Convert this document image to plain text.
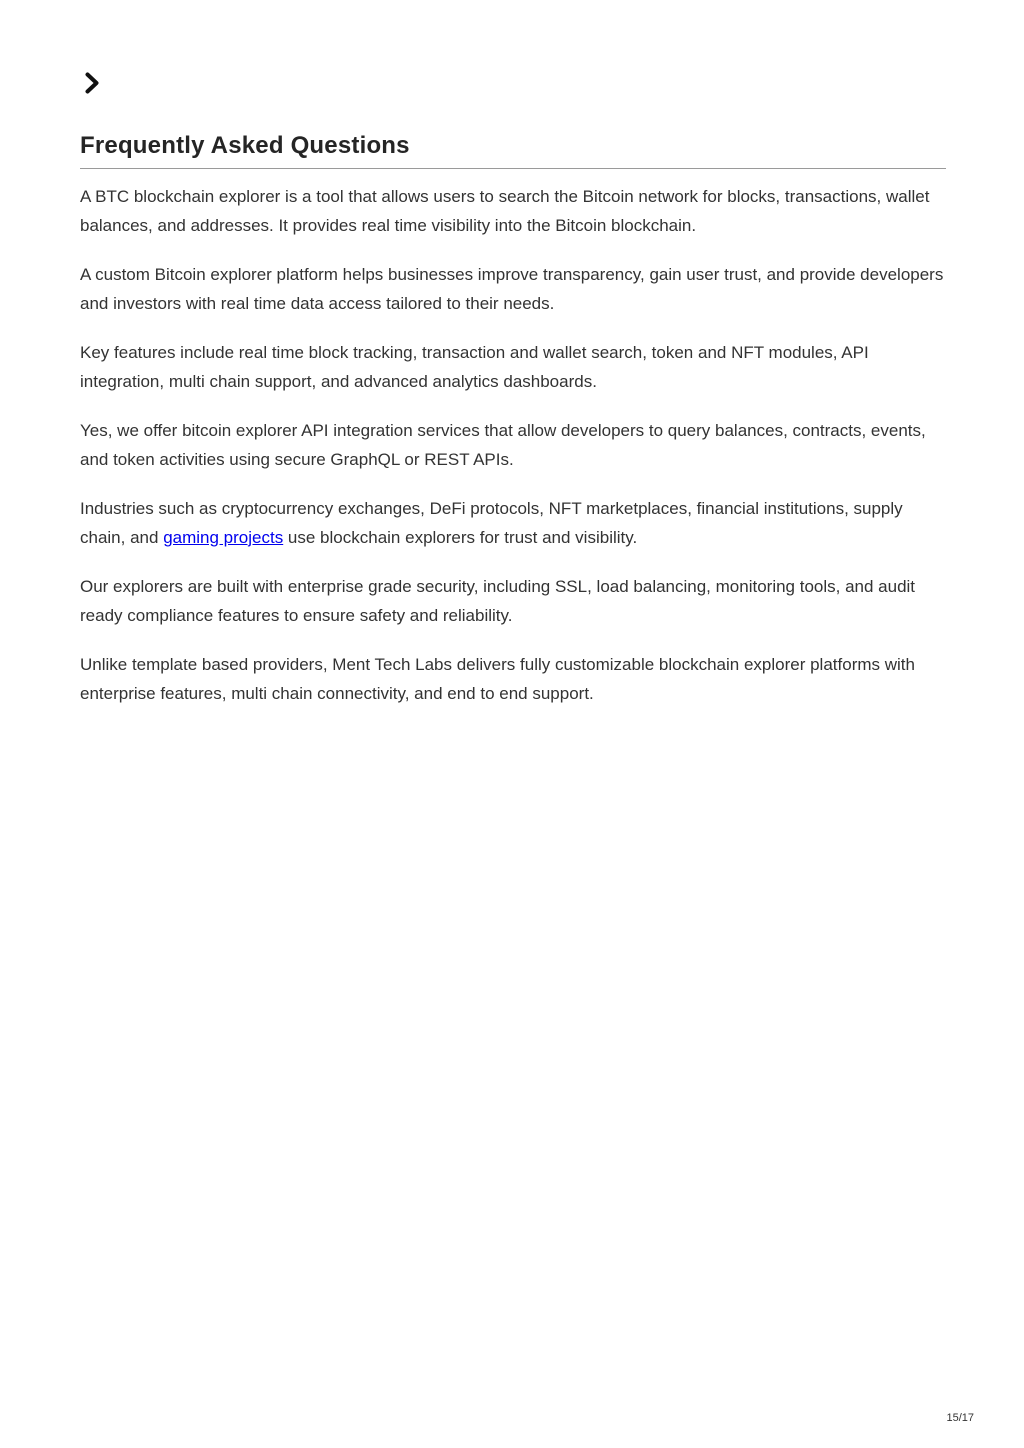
Frequently Asked Questions

A BTC blockchain explorer is a tool that allows users to search the Bitcoin network for blocks, transactions, wallet balances, and addresses. It provides real time visibility into the Bitcoin blockchain.

A custom Bitcoin explorer platform helps businesses improve transparency, gain user trust, and provide developers and investors with real time data access tailored to their needs.

Key features include real time block tracking, transaction and wallet search, token and NFT modules, API integration, multi chain support, and advanced analytics dashboards.

Yes, we offer bitcoin explorer API integration services that allow developers to query balances, contracts, events, and token activities using secure GraphQL or REST APIs.

Industries such as cryptocurrency exchanges, DeFi protocols, NFT marketplaces, financial institutions, supply chain, and gaming projects use blockchain explorers for trust and visibility.

Our explorers are built with enterprise grade security, including SSL, load balancing, monitoring tools, and audit ready compliance features to ensure safety and reliability.

Unlike template based providers, Ment Tech Labs delivers fully customizable blockchain explorer platforms with enterprise features, multi chain connectivity, and end to end support.

15/17
